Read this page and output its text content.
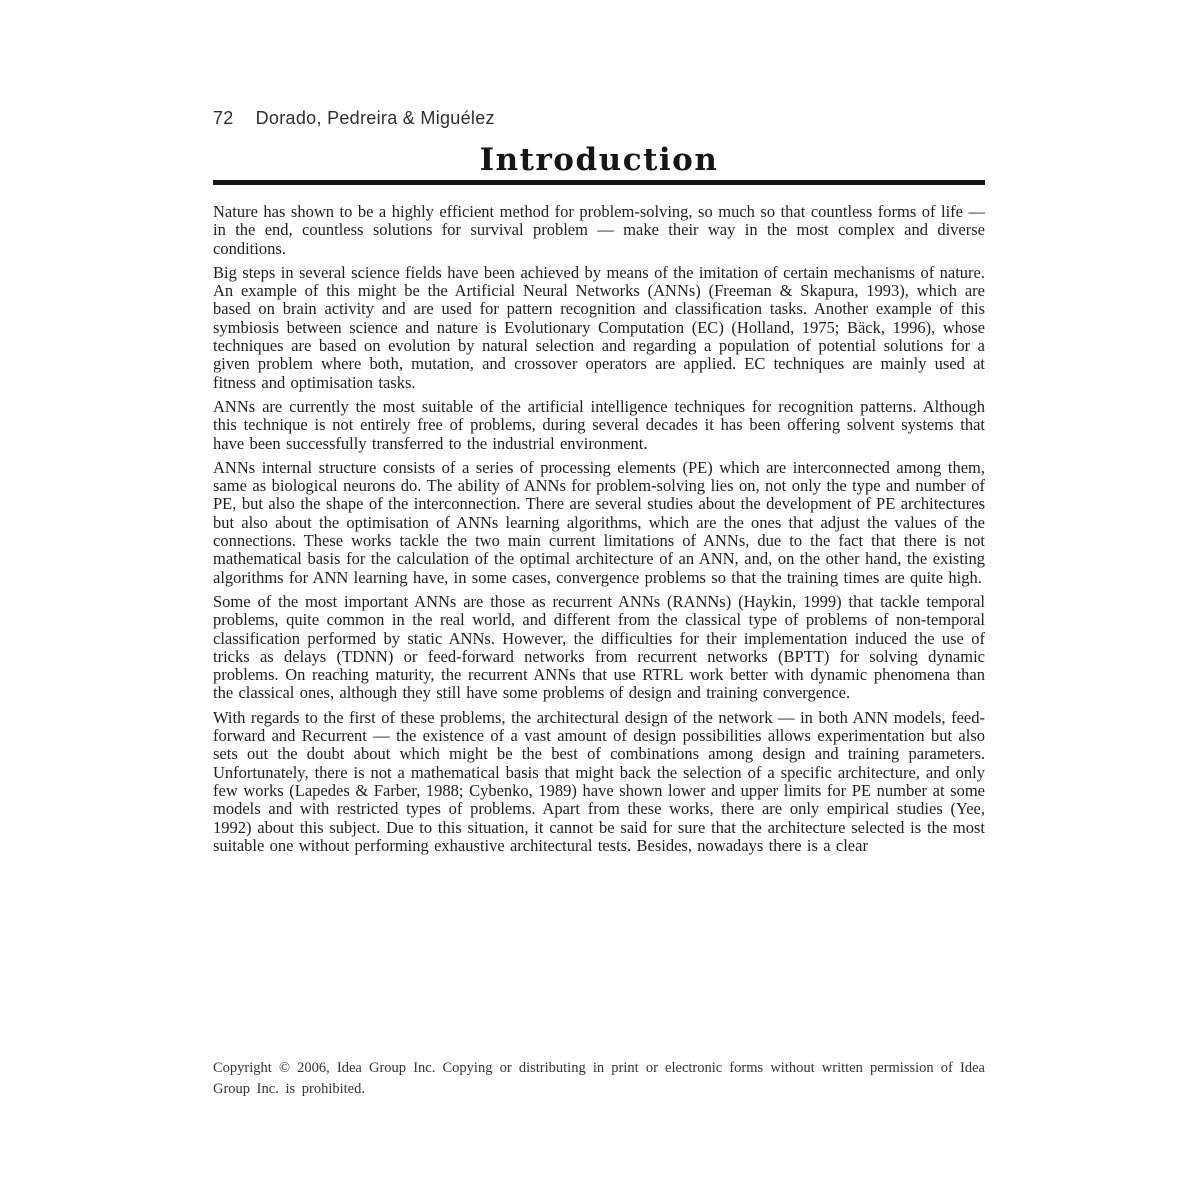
72 Dorado, Pedreira & Miguélez
Introduction

Nature has shown to be a highly efficient method for problem-solving, so much so that countless forms of life — in the end, countless solutions for survival problem — make their way in the most complex and diverse conditions.

Big steps in several science fields have been achieved by means of the imitation of certain mechanisms of nature. An example of this might be the Artificial Neural Networks (ANNs) (Freeman & Skapura, 1993), which are based on brain activity and are used for pattern recognition and classification tasks. Another example of this symbiosis between science and nature is Evolutionary Computation (EC) (Holland, 1975; Bäck, 1996), whose techniques are based on evolution by natural selection and regarding a population of potential solutions for a given problem where both, mutation, and crossover operators are applied. EC techniques are mainly used at fitness and optimisation tasks.

ANNs are currently the most suitable of the artificial intelligence techniques for recognition patterns. Although this technique is not entirely free of problems, during several decades it has been offering solvent systems that have been successfully transferred to the industrial environment.

ANNs internal structure consists of a series of processing elements (PE) which are interconnected among them, same as biological neurons do. The ability of ANNs for problem-solving lies on, not only the type and number of PE, but also the shape of the interconnection. There are several studies about the development of PE architectures but also about the optimisation of ANNs learning algorithms, which are the ones that adjust the values of the connections. These works tackle the two main current limitations of ANNs, due to the fact that there is not mathematical basis for the calculation of the optimal architecture of an ANN, and, on the other hand, the existing algorithms for ANN learning have, in some cases, convergence problems so that the training times are quite high.

Some of the most important ANNs are those as recurrent ANNs (RANNs) (Haykin, 1999) that tackle temporal problems, quite common in the real world, and different from the classical type of problems of non-temporal classification performed by static ANNs. However, the difficulties for their implementation induced the use of tricks as delays (TDNN) or feed-forward networks from recurrent networks (BPTT) for solving dynamic problems. On reaching maturity, the recurrent ANNs that use RTRL work better with dynamic phenomena than the classical ones, although they still have some problems of design and training convergence.

With regards to the first of these problems, the architectural design of the network — in both ANN models, feed-forward and Recurrent — the existence of a vast amount of design possibilities allows experimentation but also sets out the doubt about which might be the best of combinations among design and training parameters. Unfortunately, there is not a mathematical basis that might back the selection of a specific architecture, and only few works (Lapedes & Farber, 1988; Cybenko, 1989) have shown lower and upper limits for PE number at some models and with restricted types of problems. Apart from these works, there are only empirical studies (Yee, 1992) about this subject. Due to this situation, it cannot be said for sure that the architecture selected is the most suitable one without performing exhaustive architectural tests. Besides, nowadays there is a clear

Copyright © 2006, Idea Group Inc. Copying or distributing in print or electronic forms without written permission of Idea Group Inc. is prohibited.
